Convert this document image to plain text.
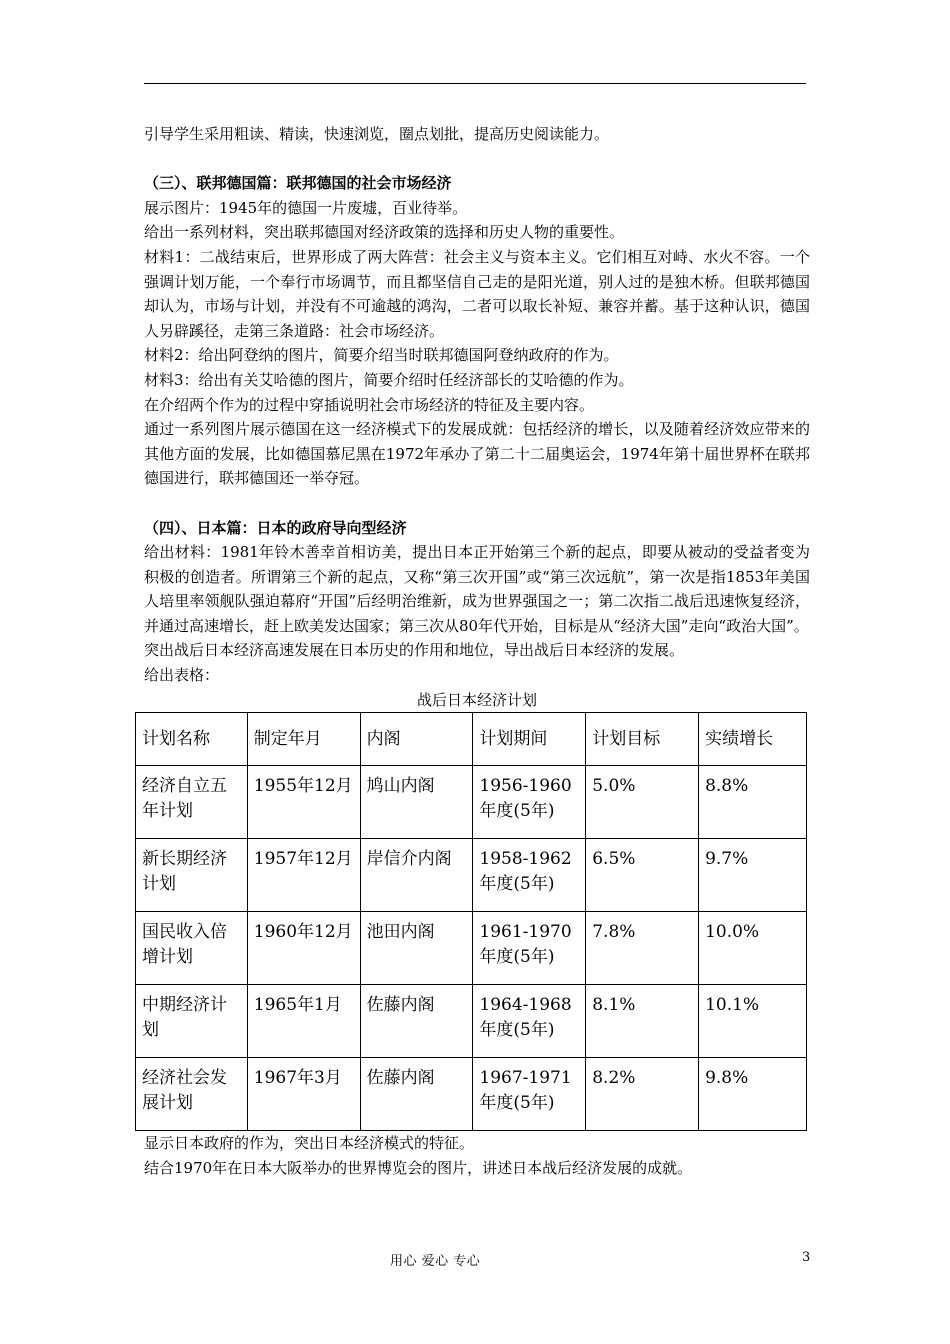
引导学生采用粗读、精读，快速浏览，圈点划批，提高历史阅读能力。

（三）、联邦德国篇：联邦德国的社会市场经济

展示图片：1945年的德国一片废墟，百业待举。

给出一系列材料，突出联邦德国对经济政策的选择和历史人物的重要性。

材料1：二战结束后，世界形成了两大阵营：社会主义与资本主义。它们相互对峙、水火不容。一个强调计划万能，一个奉行市场调节，而且都坚信自己走的是阳光道，别人过的是独木桥。但联邦德国却认为，市场与计划，并没有不可逾越的鸿沟，二者可以取长补短、兼容并蓄。基于这种认识，德国人另辟蹊径，走第三条道路：社会市场经济。

材料2：给出阿登纳的图片，简要介绍当时联邦德国阿登纳政府的作为。

材料3：给出有关艾哈德的图片，简要介绍时任经济部长的艾哈德的作为。

在介绍两个作为的过程中穿插说明社会市场经济的特征及主要内容。

通过一系列图片展示德国在这一经济模式下的发展成就：包括经济的增长，以及随着经济效应带来的其他方面的发展，比如德国慕尼黑在1972年承办了第二十二届奥运会，1974年第十届世界杯在联邦德国进行，联邦德国还一举夺冠。

（四）、日本篇：日本的政府导向型经济

给出材料：1981年铃木善幸首相访美，提出日本正开始第三个新的起点，即要从被动的受益者变为积极的创造者。所谓第三个新的起点，又称“第三次开国”或“第三次远航”，第一次是指1853年美国人培里率领舰队强迫幕府“开国”后经明治维新，成为世界强国之一；第二次指二战后迅速恢复经济，并通过高速增长，赶上欧美发达国家；第三次从80年代开始，目标是从“经济大国”走向“政治大国”。

突出战后日本经济高速发展在日本历史的作用和地位，导出战后日本经济的发展。

给出表格：

战后日本经济计划

计划名称	制定年月	内阁	计划期间	计划目标	实绩增长
经济自立五年计划	1955年12月	鸠山内阁	1956-1960年度(5年)	5.0%	8.8%
新长期经济计划	1957年12月	岸信介内阁	1958-1962年度(5年)	6.5%	9.7%
国民收入倍增计划	1960年12月	池田内阁	1961-1970年度(5年)	7.8%	10.0%
中期经济计划	1965年1月	佐藤内阁	1964-1968年度(5年)	8.1%	10.1%
经济社会发展计划	1967年3月	佐藤内阁	1967-1971年度(5年)	8.2%	9.8%

显示日本政府的作为，突出日本经济模式的特征。

结合1970年在日本大阪举办的世界博览会的图片，讲述日本战后经济发展的成就。

用心 爱心 专心	3
